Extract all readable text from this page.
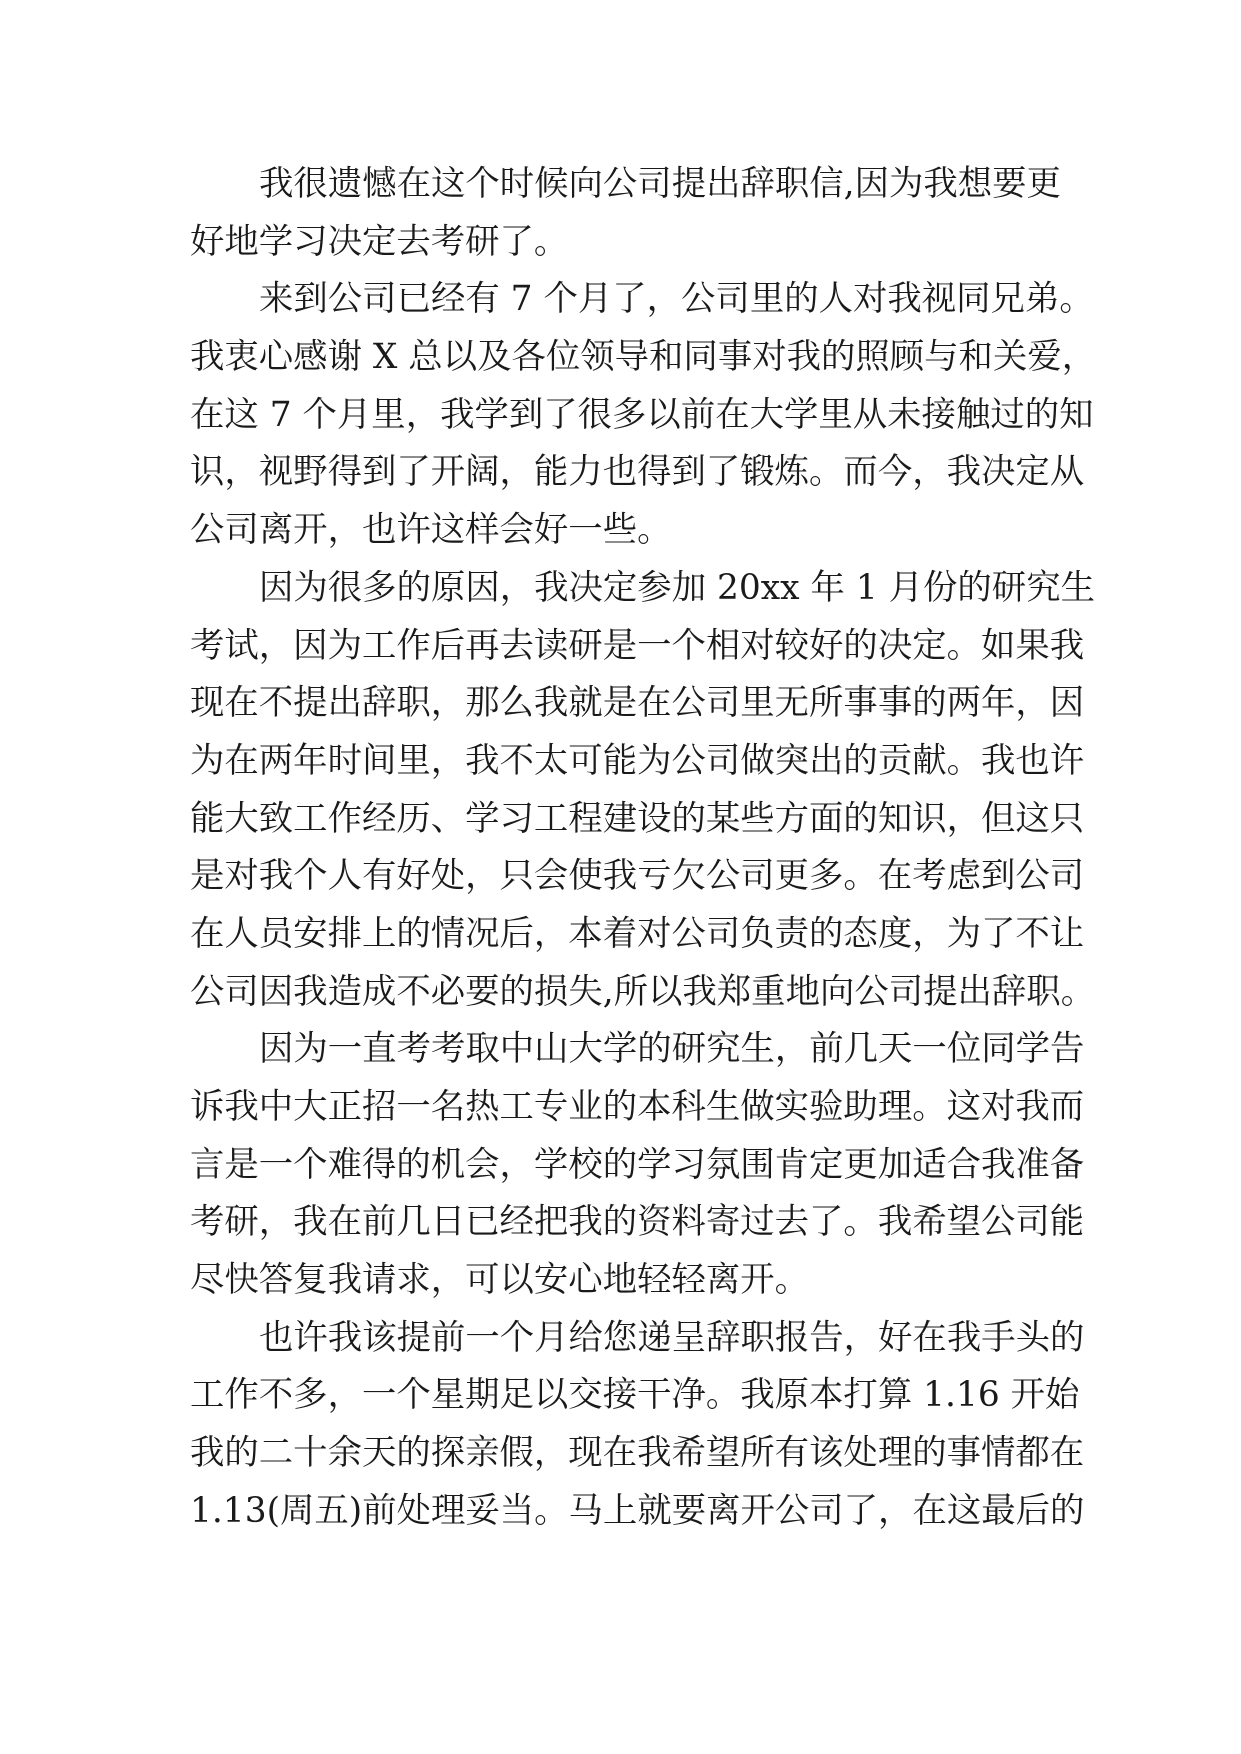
我很遗憾在这个时候向公司提出辞职信,因为我想要更
好地学习决定去考研了。
来到公司已经有 7 个月了，公司里的人对我视同兄弟。
我衷心感谢 X 总以及各位领导和同事对我的照顾与和关爱，
在这 7 个月里，我学到了很多以前在大学里从未接触过的知
识，视野得到了开阔，能力也得到了锻炼。而今，我决定从
公司离开，也许这样会好一些。
因为很多的原因，我决定参加 20xx 年 1 月份的研究生
考试，因为工作后再去读研是一个相对较好的决定。如果我
现在不提出辞职，那么我就是在公司里无所事事的两年，因
为在两年时间里，我不太可能为公司做突出的贡献。我也许
能大致工作经历、学习工程建设的某些方面的知识，但这只
是对我个人有好处，只会使我亏欠公司更多。在考虑到公司
在人员安排上的情况后，本着对公司负责的态度，为了不让
公司因我造成不必要的损失,所以我郑重地向公司提出辞职。
因为一直考考取中山大学的研究生，前几天一位同学告
诉我中大正招一名热工专业的本科生做实验助理。这对我而
言是一个难得的机会，学校的学习氛围肯定更加适合我准备
考研，我在前几日已经把我的资料寄过去了。我希望公司能
尽快答复我请求，可以安心地轻轻离开。
也许我该提前一个月给您递呈辞职报告，好在我手头的
工作不多，一个星期足以交接干净。我原本打算 1.16 开始
我的二十余天的探亲假，现在我希望所有该处理的事情都在
1.13(周五)前处理妥当。马上就要离开公司了，在这最后的
